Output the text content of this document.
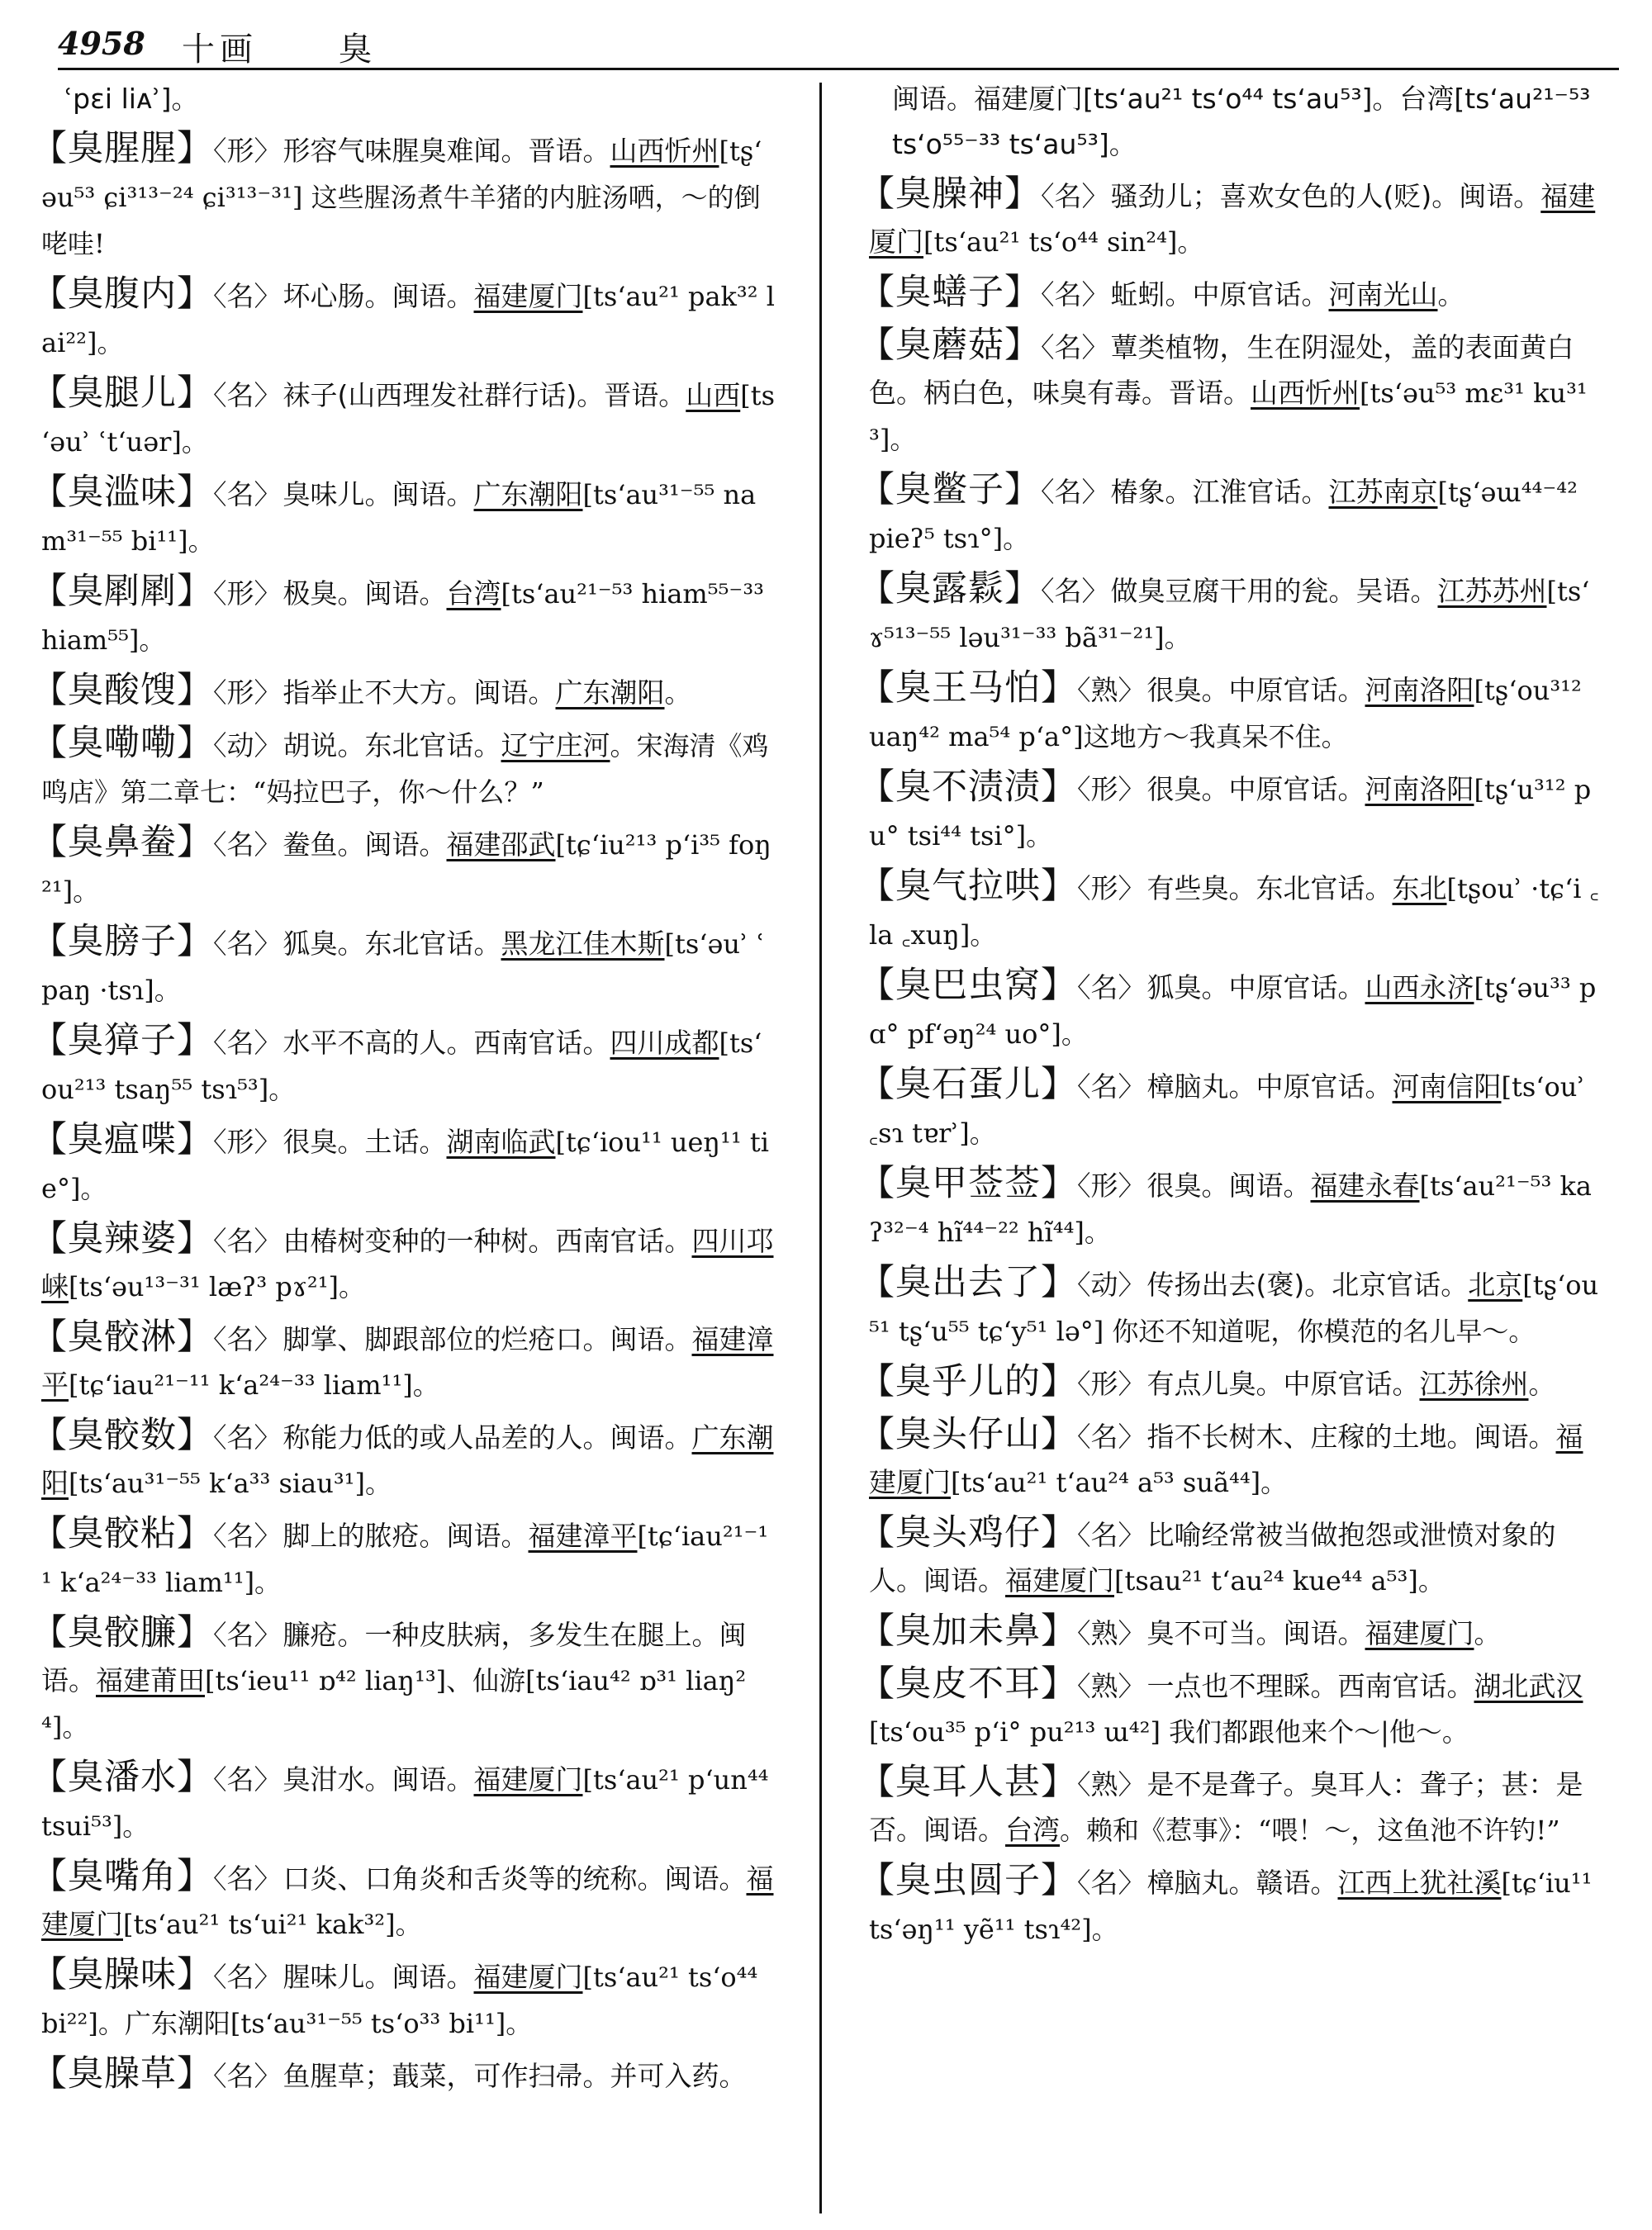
4958 十画 臭
ʿpɛi liᴀʾ]。
【臭腥腥】〈形〉形容气味腥臭难闻。晋语。山西忻州[tʂʻəu⁵³ ɕi³¹³⁻²⁴ ɕi³¹³⁻³¹] 这些腥汤煮牛羊猪的内脏汤哂，～的倒咾哇!
【臭腹内】〈名〉坏心肠。闽语。福建厦门[tsʻau²¹ pak³² lai²²]。
【臭腿儿】〈名〉袜子(山西理发社群行话)。晋语。山西[tsʻəuʾ ʿtʻuər]。
【臭滥味】〈名〉臭味儿。闽语。广东潮阳[tsʻau³¹⁻⁵⁵ nam³¹⁻⁵⁵ bi¹¹]。
【臭㓾㓾】〈形〉极臭。闽语。台湾[tsʻau²¹⁻⁵³ hiam⁵⁵⁻³³ hiam⁵⁵]。
【臭酸馊】〈形〉指举止不大方。闽语。广东潮阳。
【臭嘞嘞】〈动〉胡说。东北官话。辽宁庄河。宋海清《鸡鸣店》第二章七：“妈拉巴子，你～什么？”
【臭鼻鲞】〈名〉鲞鱼。闽语。福建邵武[tɕʻiu²¹³ pʻi³⁵ foŋ²¹]。
【臭膀子】〈名〉狐臭。东北官话。黑龙江佳木斯[tsʻəuʾ ʿpaŋ ·tsɿ]。
【臭獐子】〈名〉水平不高的人。西南官话。四川成都[tsʻou²¹³ tsaŋ⁵⁵ tsɿ⁵³]。
【臭瘟喋】〈形〉很臭。土话。湖南临武[tɕʻiou¹¹ ueŋ¹¹ tie°]。
【臭辣婆】〈名〉由椿树变种的一种树。西南官话。四川邛崃[tsʻəu¹³⁻³¹ læʔ³ pɤ²¹]。
【臭骹淋】〈名〉脚掌、脚跟部位的烂疮口。闽语。福建漳平[tɕʻiau²¹⁻¹¹ kʻa²⁴⁻³³ liam¹¹]。
【臭骹数】〈名〉称能力低的或人品差的人。闽语。广东潮阳[tsʻau³¹⁻⁵⁵ kʻa³³ siau³¹]。
【臭骹粘】〈名〉脚上的脓疮。闽语。福建漳平[tɕʻiau²¹⁻¹¹ kʻa²⁴⁻³³ liam¹¹]。
【臭骹臁】〈名〉臁疮。一种皮肤病，多发生在腿上。闽语。福建莆田[tsʻieu¹¹ ɒ⁴² liaŋ¹³]、仙游[tsʻiau⁴² ɒ³¹ liaŋ²⁴]。
【臭潘水】〈名〉臭泔水。闽语。福建厦门[tsʻau²¹ pʻun⁴⁴ tsui⁵³]。
【臭嘴角】〈名〉口炎、口角炎和舌炎等的统称。闽语。福建厦门[tsʻau²¹ tsʻui²¹ kak³²]。
【臭臊味】〈名〉腥味儿。闽语。福建厦门[tsʻau²¹ tsʻo⁴⁴ bi²²]。广东潮阳[tsʻau³¹⁻⁵⁵ tsʻo³³ bi¹¹]。
【臭臊草】〈名〉鱼腥草；蕺菜，可作扫帚。并可入药。
闽语。福建厦门[tsʻau²¹ tsʻo⁴⁴ tsʻau⁵³]。台湾[tsʻau²¹⁻⁵³ tsʻo⁵⁵⁻³³ tsʻau⁵³]。
【臭臊神】〈名〉骚劲儿；喜欢女色的人(贬)。闽语。福建厦门[tsʻau²¹ tsʻo⁴⁴ sin²⁴]。
【臭蟮子】〈名〉蚯蚓。中原官话。河南光山。
【臭蘑菇】〈名〉蕈类植物，生在阴湿处，盖的表面黄白色。柄白色，味臭有毒。晋语。山西忻州[tsʻəu⁵³ mɛ³¹ ku³¹³]。
【臭鳖子】〈名〉椿象。江淮官话。江苏南京[tʂʻəɯ⁴⁴⁻⁴² pieʔ⁵ tsɿ°]。
【臭露鬏】〈名〉做臭豆腐干用的瓮。吴语。江苏苏州[tsʻɤ⁵¹³⁻⁵⁵ ləu³¹⁻³³ bã³¹⁻²¹]。
【臭王马怕】〈熟〉很臭。中原官话。河南洛阳[tʂʻou³¹² uaŋ⁴² ma⁵⁴ pʻa°]这地方～我真呆不住。
【臭不渍渍】〈形〉很臭。中原官话。河南洛阳[tʂʻu³¹² pu° tsi⁴⁴ tsi°]。
【臭气拉哄】〈形〉有些臭。东北官话。东北[tʂouʾ ·tɕʻi ꜀la ꜀xuŋ]。
【臭巴虫窝】〈名〉狐臭。中原官话。山西永济[tʂʻəu³³ pɑ° pfʻəŋ²⁴ uo°]。
【臭石蛋儿】〈名〉樟脑丸。中原官话。河南信阳[tsʻouʾ ꜀sɿ tɐrʾ]。
【臭甲莶莶】〈形〉很臭。闽语。福建永春[tsʻau²¹⁻⁵³ kaʔ³²⁻⁴ hĩ⁴⁴⁻²² hĩ⁴⁴]。
【臭出去了】〈动〉传扬出去(褒)。北京官话。北京[tʂʻou⁵¹ tʂʻu⁵⁵ tɕʻy⁵¹ lə°] 你还不知道呢，你模范的名儿早～。
【臭乎儿的】〈形〉有点儿臭。中原官话。江苏徐州。
【臭头仔山】〈名〉指不长树木、庄稼的土地。闽语。福建厦门[tsʻau²¹ tʻau²⁴ a⁵³ suã⁴⁴]。
【臭头鸡仔】〈名〉比喻经常被当做抱怨或泄愤对象的人。闽语。福建厦门[tsau²¹ tʻau²⁴ kue⁴⁴ a⁵³]。
【臭加未鼻】〈熟〉臭不可当。闽语。福建厦门。
【臭皮不耳】〈熟〉一点也不理睬。西南官话。湖北武汉[tsʻou³⁵ pʻi° pu²¹³ ɯ⁴²] 我们都跟他来个～|他～。
【臭耳人甚】〈熟〉是不是聋子。臭耳人：聋子；甚：是否。闽语。台湾。赖和《惹事》：“喂！～，这鱼池不许钓!”
【臭虫圆子】〈名〉樟脑丸。赣语。江西上犹社溪[tɕʻiu¹¹ tsʻəŋ¹¹ yẽ¹¹ tsɿ⁴²]。
